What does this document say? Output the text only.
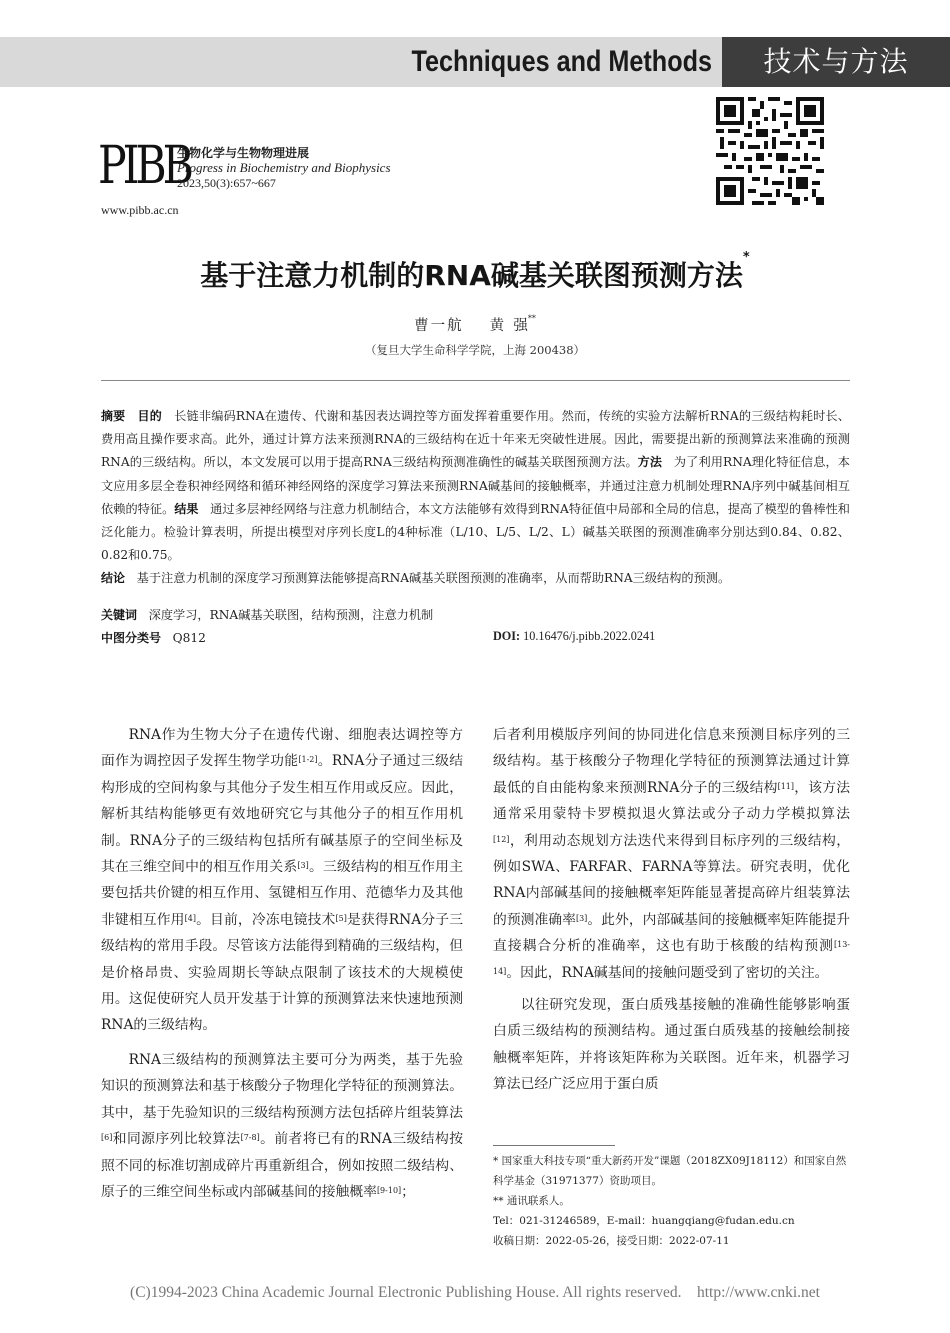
Techniques and Methods	技术与方法
PIBB
生物化学与生物物理进展
Progress in Biochemistry and Biophysics
2023,50(3):657~667
www.pibb.ac.cn
基于注意力机制的RNA碱基关联图预测方法*
曹一航 黄  强**
（复旦大学生命科学学院，上海 200438）
摘要 目的 长链非编码RNA在遗传、代谢和基因表达调控等方面发挥着重要作用。然而，传统的实验方法解析RNA的三级结构耗时长、费用高且操作要求高。此外，通过计算方法来预测RNA的三级结构在近十年来无突破性进展。因此，需要提出新的预测算法来准确的预测RNA的三级结构。所以，本文发展可以用于提高RNA三级结构预测准确性的碱基关联图预测方法。方法 为了利用RNA理化特征信息，本文应用多层全卷积神经网络和循环神经网络的深度学习算法来预测RNA碱基间的接触概率，并通过注意力机制处理RNA序列中碱基间相互依赖的特征。结果 通过多层神经网络与注意力机制结合，本文方法能够有效得到RNA特征值中局部和全局的信息，提高了模型的鲁棒性和泛化能力。检验计算表明，所提出模型对序列长度L的4种标准（L/10、L/5、L/2、L）碱基关联图的预测准确率分别达到0.84、0.82、0.82和0.75。
结论 基于注意力机制的深度学习预测算法能够提高RNA碱基关联图预测的准确率，从而帮助RNA三级结构的预测。
关键词 深度学习，RNA碱基关联图，结构预测，注意力机制
中图分类号 Q812	DOI: 10.16476/j.pibb.2022.0241

RNA作为生物大分子在遗传代谢、细胞表达调控等方面作为调控因子发挥生物学功能[1-2]。RNA分子通过三级结构形成的空间构象与其他分子发生相互作用或反应。因此，解析其结构能够更有效地研究它与其他分子的相互作用机制。RNA分子的三级结构包括所有碱基原子的空间坐标及其在三维空间中的相互作用关系[3]。三级结构的相互作用主要包括共价键的相互作用、氢键相互作用、范德华力及其他非键相互作用[4]。目前，冷冻电镜技术[5]是获得RNA分子三级结构的常用手段。尽管该方法能得到精确的三级结构，但是价格昂贵、实验周期长等缺点限制了该技术的大规模使用。这促使研究人员开发基于计算的预测算法来快速地预测RNA的三级结构。

RNA三级结构的预测算法主要可分为两类，基于先验知识的预测算法和基于核酸分子物理化学特征的预测算法。其中，基于先验知识的三级结构预测方法包括碎片组装算法[6]和同源序列比较算法[7-8]。前者将已有的RNA三级结构按照不同的标准切割成碎片再重新组合，例如按照二级结构、原子的三维空间坐标或内部碱基间的接触概率[9-10]；

后者利用模版序列间的协同进化信息来预测目标序列的三级结构。基于核酸分子物理化学特征的预测算法通过计算最低的自由能构象来预测RNA分子的三级结构[11]，该方法通常采用蒙特卡罗模拟退火算法或分子动力学模拟算法[12]，利用动态规划方法迭代来得到目标序列的三级结构，例如SWA、FARFAR、FARNA等算法。研究表明，优化RNA内部碱基间的接触概率矩阵能显著提高碎片组装算法的预测准确率[3]。此外，内部碱基间的接触概率矩阵能提升直接耦合分析的准确率，这也有助于核酸的结构预测[13-14]。因此，RNA碱基间的接触问题受到了密切的关注。

以往研究发现，蛋白质残基接触的准确性能够影响蛋白质三级结构的预测结构。通过蛋白质残基的接触绘制接触概率矩阵，并将该矩阵称为关联图。近年来，机器学习算法已经广泛应用于蛋白质

* 国家重大科技专项“重大新药开发”课题（2018ZX09J18112）和国家自然科学基金（31971377）资助项目。
** 通讯联系人。
Tel：021-31246589，E-mail：huangqiang@fudan.edu.cn
收稿日期：2022-05-26，接受日期：2022-07-11
(C)1994-2023 China Academic Journal Electronic Publishing House. All rights reserved.    http://www.cnki.net
